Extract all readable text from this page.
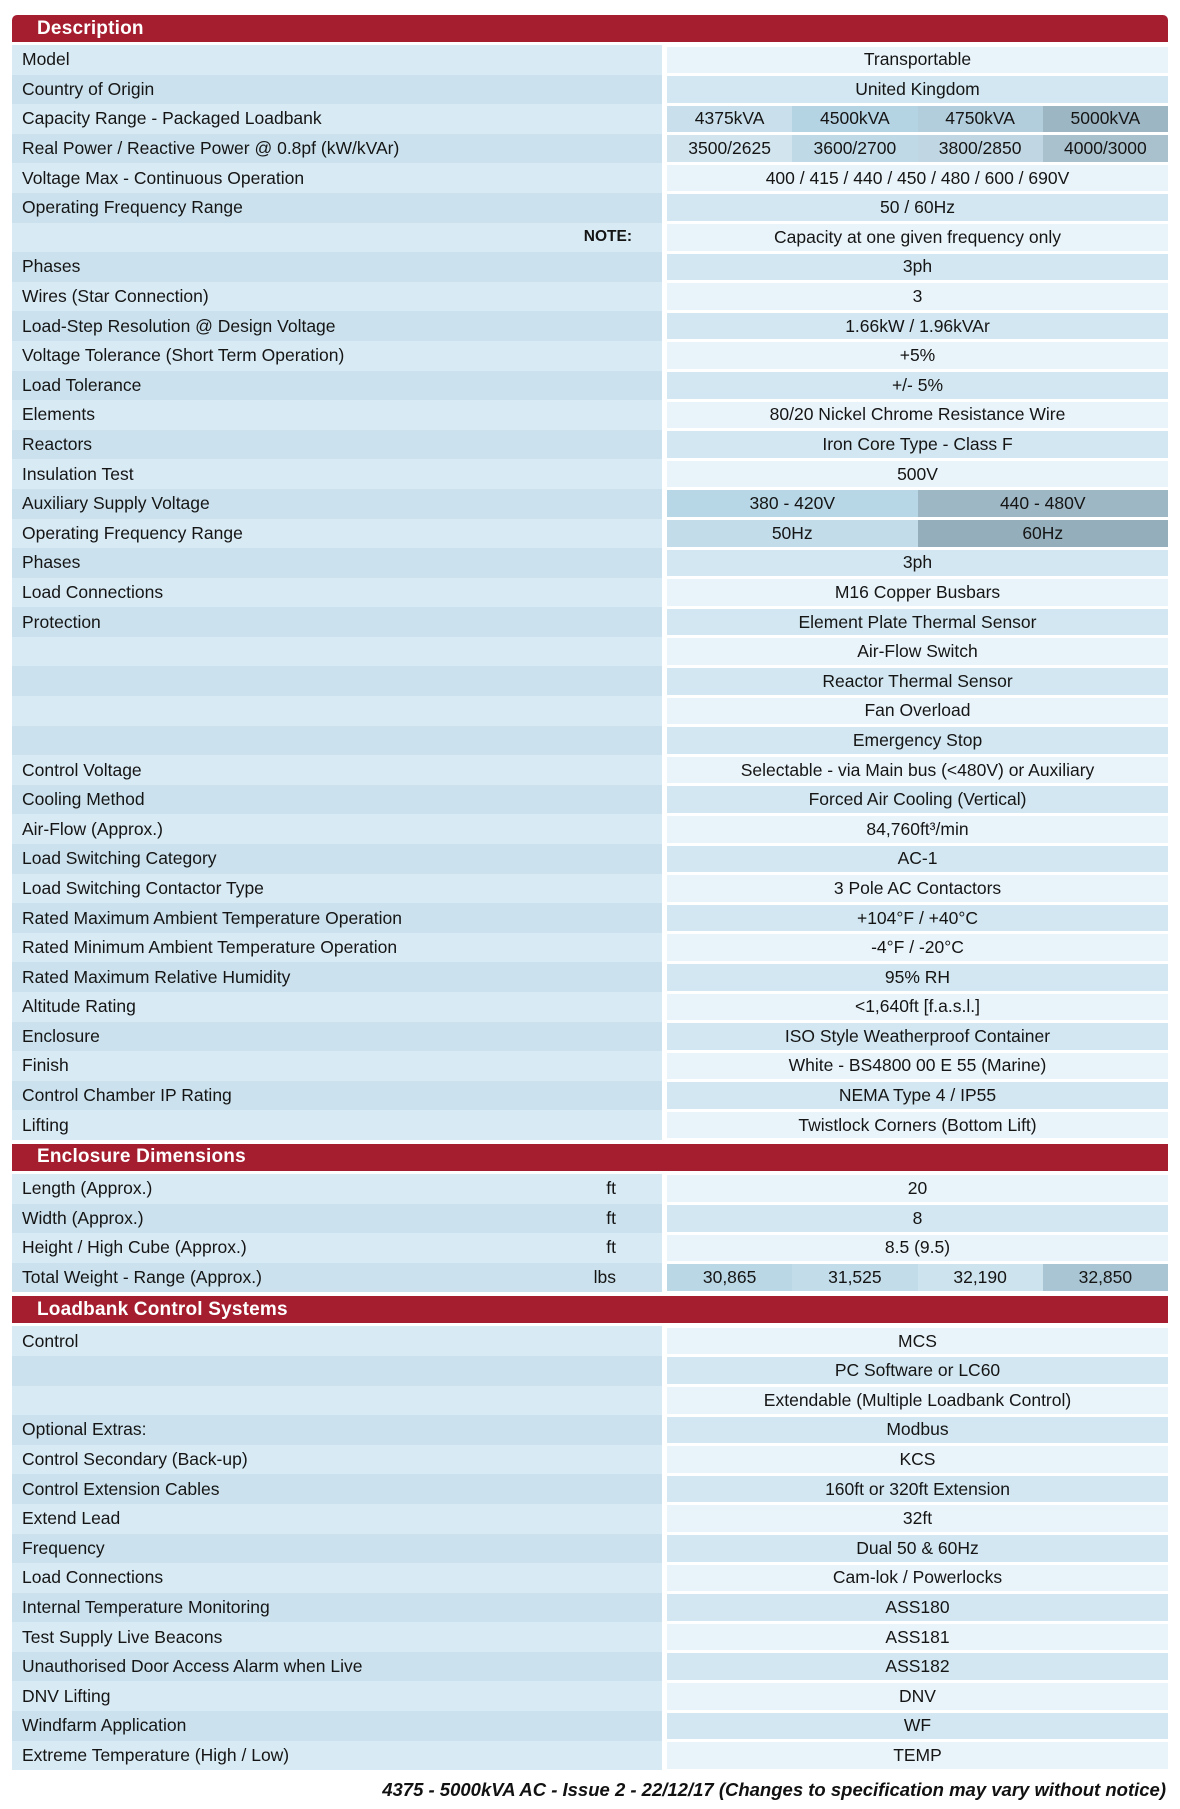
Description
Model	Transportable
Country of Origin	United Kingdom
Capacity Range - Packaged Loadbank	4375kVA	4500kVA	4750kVA	5000kVA
Real Power / Reactive Power @ 0.8pf (kW/kVAr)	3500/2625	3600/2700	3800/2850	4000/3000
Voltage Max - Continuous Operation	400 / 415 / 440 / 450 / 480 / 600 / 690V
Operating Frequency Range	50 / 60Hz
NOTE:	Capacity at one given frequency only
Phases	3ph
Wires (Star Connection)	3
Load-Step Resolution @ Design Voltage	1.66kW / 1.96kVAr
Voltage Tolerance (Short Term Operation)	+5%
Load Tolerance	+/- 5%
Elements	80/20 Nickel Chrome Resistance Wire
Reactors	Iron Core Type - Class F
Insulation Test	500V
Auxiliary Supply Voltage	380 - 420V	440 - 480V
Operating Frequency Range	50Hz	60Hz
Phases	3ph
Load Connections	M16 Copper Busbars
Protection	Element Plate Thermal Sensor
Air-Flow Switch
Reactor Thermal Sensor
Fan Overload
Emergency Stop
Control Voltage	Selectable - via Main bus (<480V) or Auxiliary
Cooling Method	Forced Air Cooling (Vertical)
Air-Flow (Approx.)	84,760ft³/min
Load Switching Category	AC-1
Load Switching Contactor Type	3 Pole AC Contactors
Rated Maximum Ambient Temperature Operation	+104°F / +40°C
Rated Minimum Ambient Temperature Operation	-4°F / -20°C
Rated Maximum Relative Humidity	95% RH
Altitude Rating	<1,640ft [f.a.s.l.]
Enclosure	ISO Style Weatherproof Container
Finish	White - BS4800 00 E 55 (Marine)
Control Chamber IP Rating	NEMA Type 4 / IP55
Lifting	Twistlock Corners (Bottom Lift)
Enclosure Dimensions
Length (Approx.)	ft	20
Width (Approx.)	ft	8
Height / High Cube (Approx.)	ft	8.5 (9.5)
Total Weight - Range (Approx.)	lbs	30,865	31,525	32,190	32,850
Loadbank Control Systems
Control	MCS
PC Software or LC60
Extendable (Multiple Loadbank Control)
Optional Extras:	Modbus
Control Secondary (Back-up)	KCS
Control Extension Cables	160ft or 320ft Extension
Extend Lead	32ft
Frequency	Dual 50 & 60Hz
Load Connections	Cam-lok / Powerlocks
Internal Temperature Monitoring	ASS180
Test Supply Live Beacons	ASS181
Unauthorised Door Access Alarm when Live	ASS182
DNV Lifting	DNV
Windfarm Application	WF
Extreme Temperature (High / Low)	TEMP
4375 - 5000kVA AC - Issue 2 - 22/12/17 (Changes to specification may vary without notice)
